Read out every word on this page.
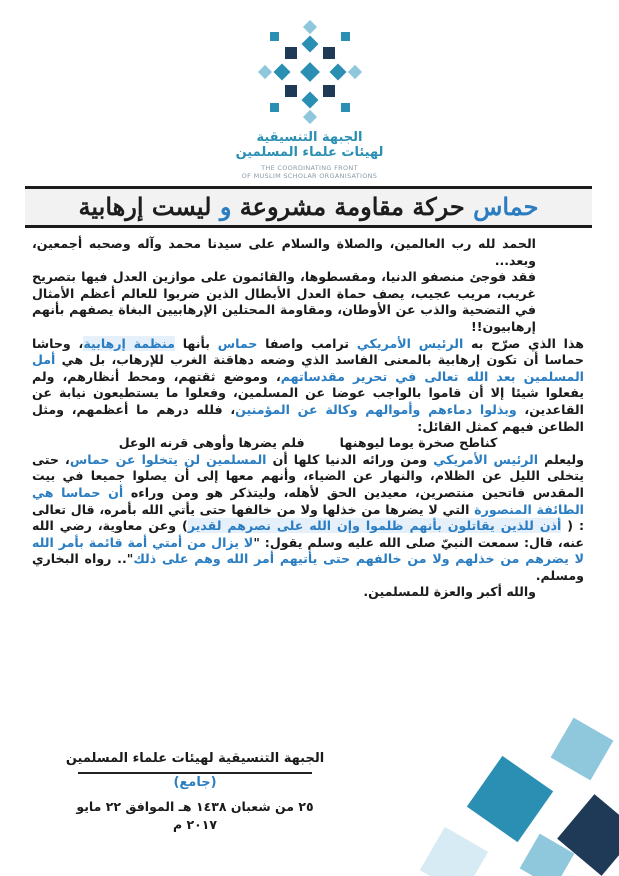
الجبهة التنسيقية
لهيئات علماء المسلمين
THE COORDINATING FRONT
OF MUSLIM SCHOLAR ORGANISATIONS
حماس حركة مقاومة مشروعة و ليست إرهابية

الحمد لله رب العالمين، والصلاة والسلام على سيدنا محمد وآله وصحبه أجمعين، وبعد...

فقد فوجئ منصفو الدنيا، ومقسطوها، والقائمون على موازين العدل فيها بتصريح غريب، مريب عجيب، يصف حماة العدل الأبطال الذين ضربوا للعالم أعظم الأمثال في التضحية والذب عن الأوطان، ومقاومة المحتلين الإرهابيين البغاة يصفهم بأنهم إرهابيون!!

هذا الذي صرّح به الرئيس الأمريكي ترامب واصفا حماس بأنها منظمة إرهابية، وحاشا حماسا أن تكون إرهابية بالمعنى الفاسد الذي وضعه دهاقنة الغرب للإرهاب، بل هي أمل المسلمين بعد الله تعالى في تحرير مقدساتهم، وموضع ثقتهم، ومحط أنظارهم، ولم يفعلوا شيئا إلا أن قاموا بالواجب عوضا عن المسلمين، وفعلوا ما يستطيعون نيابة عن القاعدين، وبذلوا دماءهم وأموالهم وكالة عن المؤمنين، فلله درهم ما أعظمهم، ومثل الطاعن فيهم كمثل القائل:

كناطح صخرة يوما ليوهنها        فلم يضرها وأوهى قرنه الوعل

وليعلم الرئيس الأمريكي ومن ورائه الدنيا كلها أن المسلمين لن يتخلوا عن حماس، حتى يتخلى الليل عن الظلام، والنهار عن الضياء، وأنهم معها إلى أن يصلوا جميعا في بيت المقدس فاتحين منتصرين، معيدين الحق لأهله، وليتذكر هو ومن وراءه أن حماسا هي الطائفة المنصورة التي لا يضرها من خذلها ولا من خالفها حتى يأتي الله بأمره، قال تعالى : ( أذن للذين يقاتلون بأنهم ظلموا وإن الله على نصرهم لقدير) وعن معاوية، رضي الله عنه، قال: سمعت النبيّ صلى الله عليه وسلم يقول: "لا يزال من أمتي أمة قائمة بأمر الله لا يضرهم من خذلهم ولا من خالفهم حتى يأتيهم أمر الله وهم على ذلك".. رواه البخاري ومسلم.

والله أكبر والعزة للمسلمين.

الجبهة التنسيقية لهيئات علماء المسلمين
(جامع)
٢٥ من شعبان ١٤٣٨ هـ الموافق ٢٢ مايو ٢٠١٧ م
